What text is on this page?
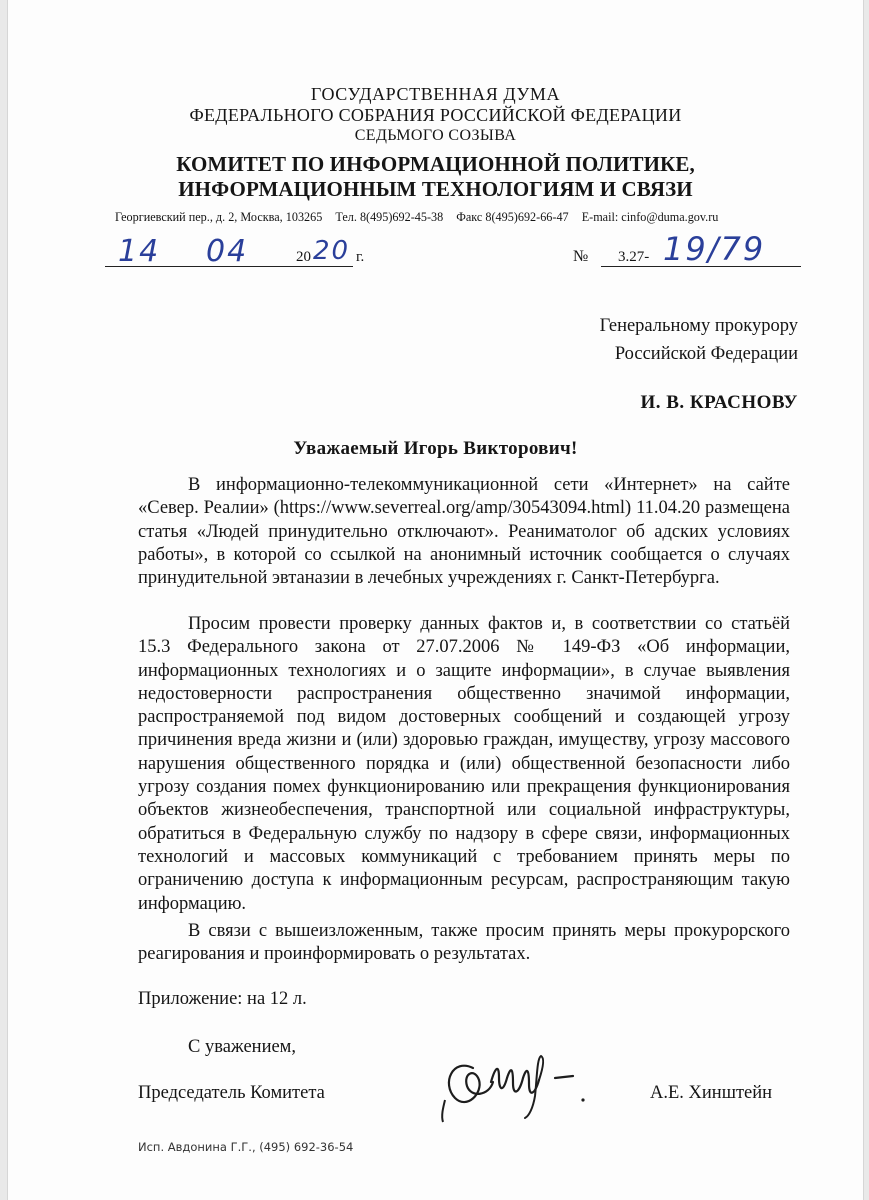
ГОСУДАРСТВЕННАЯ ДУМА
ФЕДЕРАЛЬНОГО СОБРАНИЯ РОССИЙСКОЙ ФЕДЕРАЦИИ
СЕДЬМОГО СОЗЫВА
КОМИТЕТ ПО ИНФОРМАЦИОННОЙ ПОЛИТИКЕ,
ИНФОРМАЦИОННЫМ ТЕХНОЛОГИЯМ И СВЯЗИ
Георгиевский пер., д. 2, Москва, 103265 Тел. 8(495)692-45-38 Факс 8(495)692-66-47 E-mail: cinfo@duma.gov.ru
14 04	20 20 г.	№ 3.27- 19/79
Генеральному прокурору
Российской Федерации
И. В. КРАСНОВУ
Уважаемый Игорь Викторович!
В информационно-телекоммуникационной сети «Интернет» на сайте «Север. Реалии» (https://www.severreal.org/amp/30543094.html) 11.04.20 размещена статья «Людей принудительно отключают». Реаниматолог об адских условиях работы», в которой со ссылкой на анонимный источник сообщается о случаях принудительной эвтаназии в лечебных учреждениях г. Санкт-Петербурга.
Просим провести проверку данных фактов и, в соответствии со статьёй 15.3 Федерального закона от 27.07.2006 № 149-ФЗ «Об информации, информационных технологиях и о защите информации», в случае выявления недостоверности распространения общественно значимой информации, распространяемой под видом достоверных сообщений и создающей угрозу причинения вреда жизни и (или) здоровью граждан, имуществу, угрозу массового нарушения общественного порядка и (или) общественной безопасности либо угрозу создания помех функционированию или прекращения функционирования объектов жизнеобеспечения, транспортной или социальной инфраструктуры, обратиться в Федеральную службу по надзору в сфере связи, информационных технологий и массовых коммуникаций с требованием принять меры по ограничению доступа к информационным ресурсам, распространяющим такую информацию.
В связи с вышеизложенным, также просим принять меры прокурорского реагирования и проинформировать о результатах.
Приложение: на 12 л.
С уважением,
Председатель Комитета	А.Е. Хинштейн
Исп. Авдонина Г.Г., (495) 692-36-54
